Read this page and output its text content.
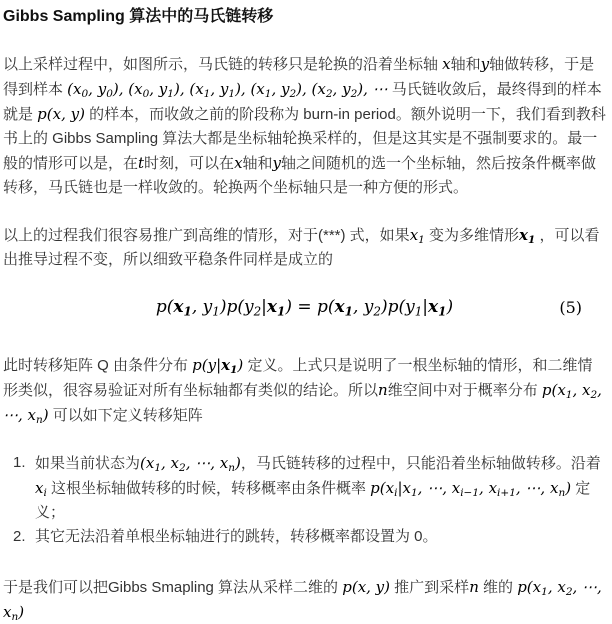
Gibbs Sampling 算法中的马氏链转移

以上采样过程中，如图所示，马氏链的转移只是轮换的沿着坐标轴 x轴和y轴做转移，于是得到样本 ($x_0$, $y_0$), ($x_0$, $y_1$), ($x_1$, $y_1$), ($x_1$, $y_2$), ($x_2$, $y_2$), ⋯ 马氏链收敛后，最终得到的样本就是 p(x, y) 的样本，而收敛之前的阶段称为 burn-in period。额外说明一下，我们看到教科书上的 Gibbs Sampling 算法大都是坐标轴轮换采样的，但是这其实是不强制要求的。最一般的情形可以是，在t时刻，可以在x轴和y轴之间随机的选一个坐标轴，然后按条件概率做转移，马氏链也是一样收敛的。轮换两个坐标轴只是一种方便的形式。

以上的过程我们很容易推广到高维的情形，对于(***) 式，如果$x_1$ 变为多维情形$x_1$ ，可以看出推导过程不变，所以细致平稳条件同样是成立的

$p(x_1$, $y_1)p(y_2|x_1) = p(x_1$, $y_2)p(y_1|x_1)$	(5)

此时转移矩阵 Q 由条件分布 $p(y|x_1)$ 定义。上式只是说明了一根坐标轴的情形，和二维情形类似，很容易验证对所有坐标轴都有类似的结论。所以n维空间中对于概率分布 $p(x_1$, $x_2$, ⋯, $x_n$) 可以如下定义转移矩阵

1. 如果当前状态为($x_1$, $x_2$, ⋯, $x_n$)，马氏链转移的过程中，只能沿着坐标轴做转移。沿着 $x_i$ 这根坐标轴做转移的时候，转移概率由条件概率 $p(x_i|x_1$, ⋯, $x_{i-1}$, $x_{i+1}$, ⋯, $x_n$) 定义；
2. 其它无法沿着单根坐标轴进行的跳转，转移概率都设置为 0。

于是我们可以把Gibbs Smapling 算法从采样二维的 p(x, y) 推广到采样n 维的 $p(x_1$, $x_2$, ⋯, $x_n$)
